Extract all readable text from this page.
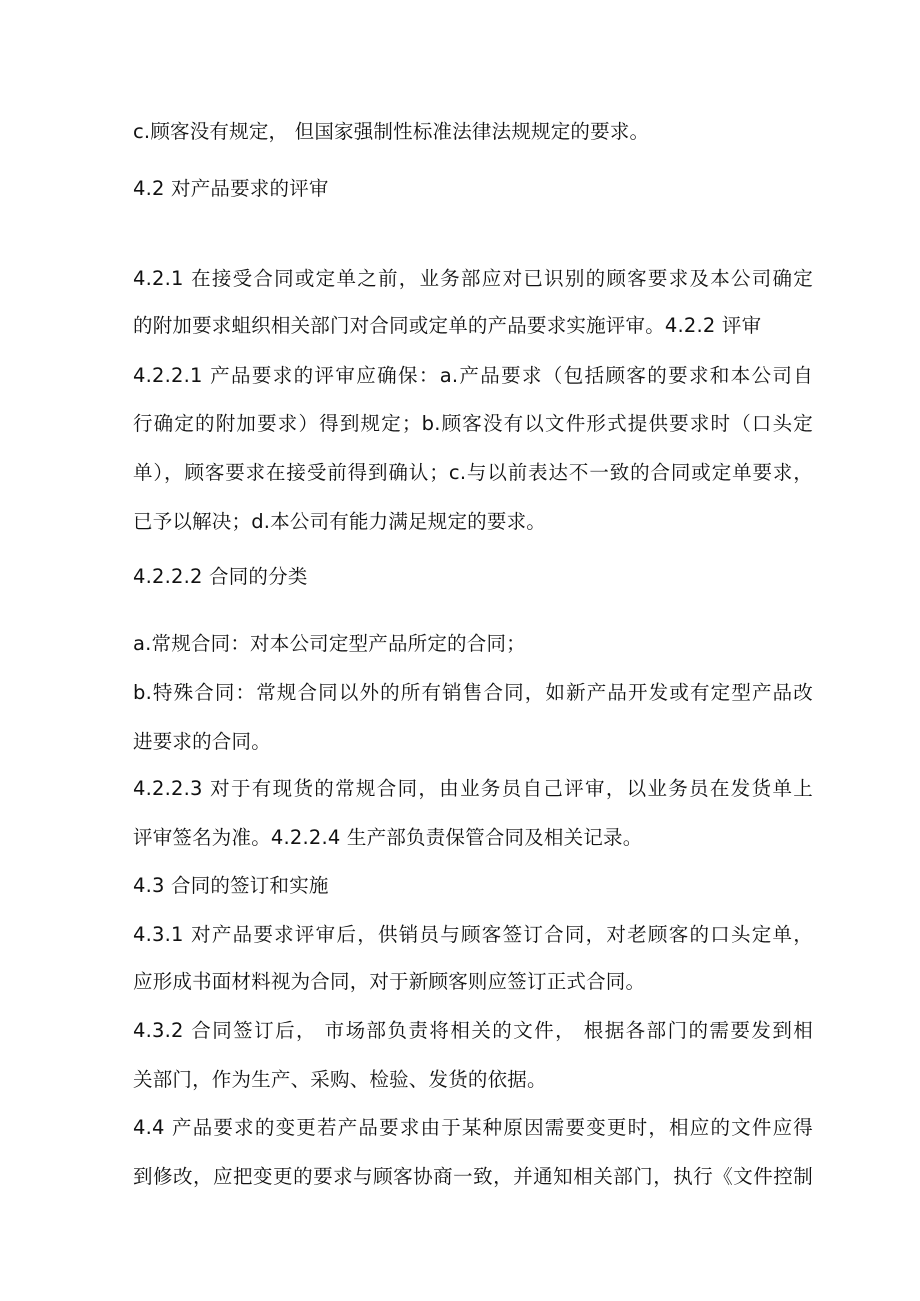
c.顾客没有规定， 但国家强制性标准法律法规规定的要求。
4.2 对产品要求的评审
4.2.1 在接受合同或定单之前，业务部应对已识别的顾客要求及本公司确定
的附加要求蛆织相关部门对合同或定单的产品要求实施评审。4.2.2 评审
4.2.2.1 产品要求的评审应确保：a.产品要求（包括顾客的要求和本公司自
行确定的附加要求）得到规定；b.顾客没有以文件形式提供要求时（口头定
单），顾客要求在接受前得到确认；c.与以前表达不一致的合同或定单要求，
已予以解决；d.本公司有能力满足规定的要求。
4.2.2.2 合同的分类
a.常规合同：对本公司定型产品所定的合同；
b.特殊合同：常规合同以外的所有销售合同，如新产品开发或有定型产品改
进要求的合同。
4.2.2.3 对于有现货的常规合同，由业务员自己评审，以业务员在发货单上
评审签名为准。4.2.2.4 生产部负责保管合同及相关记录。
4.3 合同的签订和实施
4.3.1 对产品要求评审后，供销员与顾客签订合同，对老顾客的口头定单，
应形成书面材料视为合同，对于新顾客则应签订正式合同。
4.3.2 合同签订后， 市场部负责将相关的文件， 根据各部门的需要发到相
关部门，作为生产、采购、检验、发货的依据。
4.4 产品要求的变更若产品要求由于某种原因需要变更时，相应的文件应得
到修改，应把变更的要求与顾客协商一致，并通知相关部门，执行《文件控制
